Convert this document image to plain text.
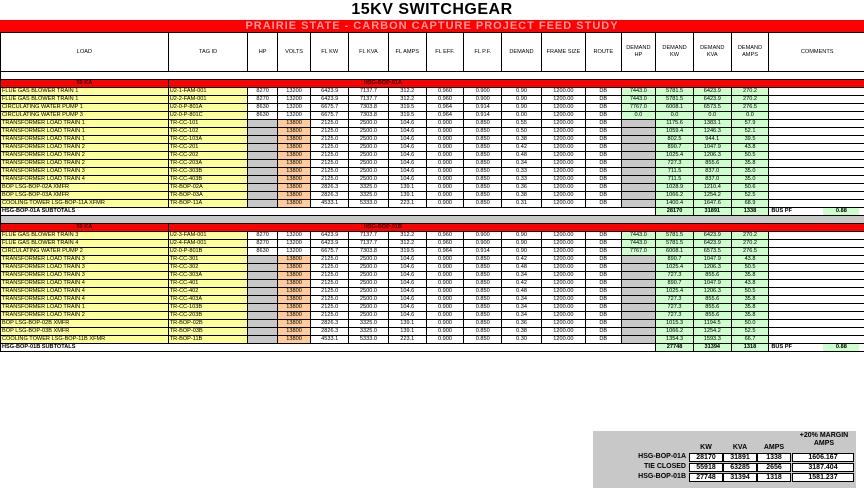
15KV SWITCHGEAR
PRAIRIE STATE - CARBON CAPTURE PROJECT FEED STUDY
LOAD	TAG ID	HP	VOLTS	FL KW	FL KVA	FL AMPS	FL EFF.	FL P.F.	DEMAND	FRAME SIZE	ROUTE	DEMAND HP	DEMAND KW	DEMAND KVA	DEMAND AMPS	COMMENTS

50 KA	HSG-BOP-01A															
FLUE GAS BLOWER TRAIN 1	U2-1-FAM-001	8270	13200	6423.9	7137.7	312.2	0.960	0.900	0.90	1200.00	DB	7443.0	5781.5	6423.9	270.2	
FLUE GAS BLOWER TRAIN 1	U2-2-FAM-001	8270	13200	6423.9	7137.7	312.2	0.960	0.900	0.90	1200.00	DB	7443.0	5781.5	6423.9	270.2	
CIRCULATING WATER PUMP 1	U2-0-P-801A	8630	13200	6675.7	7303.8	319.5	0.964	0.914	0.90	1200.00	DB	7767.0	6008.1	6573.5	276.5	
CIRCULATING WATER PUMP 3	U2-0-P-801C	8630	13200	6675.7	7303.8	319.5	0.964	0.914	0.00	1200.00	DB	0.0	0.0	0.0	0.0	
TRANSFORMER LOAD TRAIN 1	TR-CC-101		13800	2125.0	2500.0	104.6	0.900	0.850	0.55	1200.00	DB		1175.6	1383.1	57.9	
TRANSFORMER LOAD TRAIN 1	TR-CC-102		13800	2125.0	2500.0	104.6	0.900	0.850	0.50	1200.00	DB		1059.4	1246.3	52.1	
TRANSFORMER LOAD TRAIN 1	TR-CC-103A		13800	2125.0	2500.0	104.6	0.900	0.850	0.38	1200.00	DB		802.5	944.1	39.5	
TRANSFORMER LOAD TRAIN 2	TR-CC-201		13800	2125.0	2500.0	104.6	0.900	0.850	0.42	1200.00	DB		890.7	1047.9	43.8	
TRANSFORMER LOAD TRAIN 2	TR-CC-202		13800	2125.0	2500.0	104.6	0.900	0.850	0.48	1200.00	DB		1025.4	1206.3	50.5	
TRANSFORMER LOAD TRAIN 2	TR-CC-203A		13800	2125.0	2500.0	104.6	0.900	0.850	0.34	1200.00	DB		727.3	855.6	35.8	
TRANSFORMER LOAD TRAIN 3	TR-CC-303B		13800	2125.0	2500.0	104.6	0.900	0.850	0.33	1200.00	DB		711.5	837.0	35.0	
TRANSFORMER LOAD TRAIN 4	TR-CC-403B		13800	2125.0	2500.0	104.6	0.900	0.850	0.33	1200.00	DB		711.5	837.0	35.0	
BOP LSG-BOP-02A XMFR	TR-BOP-02A		13800	2826.3	3325.0	139.1	0.900	0.850	0.36	1200.00	DB		1028.9	1210.4	50.6	
BOP LSG-BOP-03A XMFR	TR-BOP-03A		13800	2826.3	3325.0	139.1	0.900	0.850	0.38	1200.00	DB		1066.2	1254.2	52.5	
COOLING TOWER LSG-BOP-11A XFMR	TR-BOP-11A		13800	4533.1	5333.0	223.1	0.900	0.850	0.31	1200.00	DB		1400.4	1647.6	68.9	
HSG-BOP-01A SUBTOTALS													28170	31891	1338	BUS PF 0.88

50 KA	HSG-BOP-01B															
FLUE GAS BLOWER TRAIN 3	U2-3-FAM-001	8270	13200	6423.9	7137.7	312.2	0.960	0.900	0.90	1200.00	DB	7443.0	5781.5	6423.9	270.2	
FLUE GAS BLOWER TRAIN 4	U2-4-FAM-001	8270	13200	6423.9	7137.7	312.2	0.960	0.900	0.90	1200.00	DB	7443.0	5781.5	6423.9	270.2	
CIRCULATING WATER PUMP 2	U2-0-P-801B	8630	13200	6675.7	7303.8	319.5	0.964	0.914	0.90	1200.00	DB	7767.0	6008.1	6573.5	276.5	
TRANSFORMER LOAD TRAIN 3	TR-CC-301		13800	2125.0	2500.0	104.6	0.900	0.850	0.42	1200.00	DB		890.7	1047.9	43.8	
TRANSFORMER LOAD TRAIN 3	TR-CC-302		13800	2125.0	2500.0	104.6	0.900	0.850	0.48	1200.00	DB		1025.4	1206.3	50.5	
TRANSFORMER LOAD TRAIN 3	TR-CC-303A		13800	2125.0	2500.0	104.6	0.900	0.850	0.34	1200.00	DB		727.3	855.6	35.8	
TRANSFORMER LOAD TRAIN 4	TR-CC-401		13800	2125.0	2500.0	104.6	0.900	0.850	0.42	1200.00	DB		890.7	1047.9	43.8	
TRANSFORMER LOAD TRAIN 4	TR-CC-402		13800	2125.0	2500.0	104.6	0.900	0.850	0.48	1200.00	DB		1025.4	1206.3	50.5	
TRANSFORMER LOAD TRAIN 4	TR-CC-403A		13800	2125.0	2500.0	104.6	0.900	0.850	0.34	1200.00	DB		727.3	855.6	35.8	
TRANSFORMER LOAD TRAIN 1	TR-CC-103B		13800	2125.0	2500.0	104.6	0.900	0.850	0.34	1200.00	DB		727.3	855.6	35.8	
TRANSFORMER LOAD TRAIN 2	TR-CC-203B		13800	2125.0	2500.0	104.6	0.900	0.850	0.34	1200.00	DB		727.3	855.6	35.8	
BOP LSG-BOP-02B XMFR	TR-BOP-02B		13800	2826.3	3325.0	139.1	0.900	0.850	0.36	1200.00	DB		1015.3	1194.5	50.0	
BOP LSG-BOP-03B XMFR	TR-BOP-03B		13800	2826.3	3325.0	139.1	0.900	0.850	0.38	1200.00	DB		1066.2	1254.2	52.5	
COOLING TOWER LSG-BOP-11B XFMR	TR-BOP-11B		13800	4533.1	5333.0	223.1	0.900	0.850	0.30	1200.00	DB		1354.3	1593.3	66.7	
HSG-BOP-01B SUBTOTALS													27748	31394	1318	BUS PF 0.88
+20% MARGIN
KW	KVA	AMPS
AMPS
HSG-BOP-01A	28170	31891	1338	1606.167
TIE CLOSED	55918	63285	2656	3187.404
HSG-BOP-01B	27748	31394	1318	1581.237
